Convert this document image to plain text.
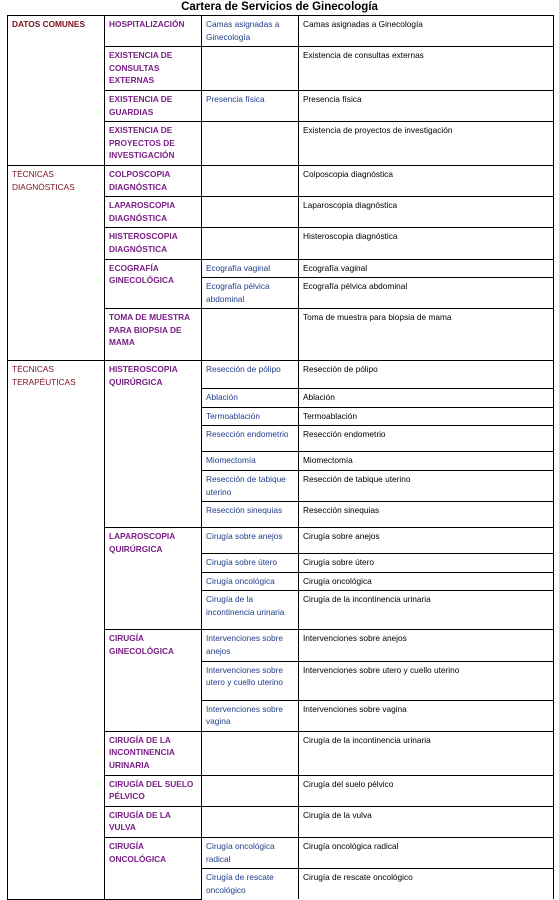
Cartera de Servicios de Ginecología
DATOS COMUNES	HOSPITALIZACIÓN	Camas asignadas a Ginecología	Camas asignadas a Ginecología
	EXISTENCIA DE CONSULTAS EXTERNAS		Existencia de consultas externas
	EXISTENCIA DE GUARDIAS	Presencia física	Presencia física
	EXISTENCIA DE PROYECTOS DE INVESTIGACIÓN		Existencia de proyectos de investigación
TÉCNICAS DIAGNÓSTICAS	COLPOSCOPIA DIAGNÓSTICA		Colposcopia diagnóstica
	LAPAROSCOPIA DIAGNÓSTICA		Laparoscopia diagnóstica
	HISTEROSCOPIA DIAGNÓSTICA		Histeroscopia diagnóstica
	ECOGRAFÍA GINECOLÓGICA	Ecografía vaginal	Ecografía vaginal
		Ecografía pélvica abdominal	Ecografía pélvica abdominal
	TOMA DE MUESTRA PARA BIOPSIA DE MAMA		Toma de muestra para biopsia de mama
TÉCNICAS TERAPÉUTICAS	HISTEROSCOPIA QUIRÚRGICA	Resección de pólipo	Resección de pólipo
		Ablación	Ablación
		Termoablación	Termoablación
		Resección endometrio	Resección endometrio
		Miomectomía	Miomectomía
		Resección de tabique uterino	Resección de tabique uterino
		Resección sinequias	Resección sinequias
	LAPAROSCOPIA QUIRÚRGICA	Cirugía sobre anejos	Cirugía sobre anejos
		Cirugía sobre útero	Cirugía sobre útero
		Cirugía oncológica	Cirugía oncológica
		Cirugía de la incontinencia urinaria	Cirugía de la incontinencia urinaria
	CIRUGÍA GINECOLÓGICA	Intervenciones sobre anejos	Intervenciones sobre anejos
		Intervenciones sobre utero y cuello uterino	Intervenciones sobre utero y cuello uterino
		Intervenciones sobre vagina	Intervenciones sobre vagina
	CIRUGÍA DE LA INCONTINENCIA URINARIA		Cirugía de la incontinencia urinaria
	CIRUGÍA DEL SUELO PÉLVICO		Cirugía del suelo pélvico
	CIRUGÍA DE LA VULVA		Cirugía de la vulva
	CIRUGÍA ONCOLÓGICA	Cirugía oncológica radical	Cirugía oncológica radical
		Cirugía de rescate oncológico	Cirugía de rescate oncológico
